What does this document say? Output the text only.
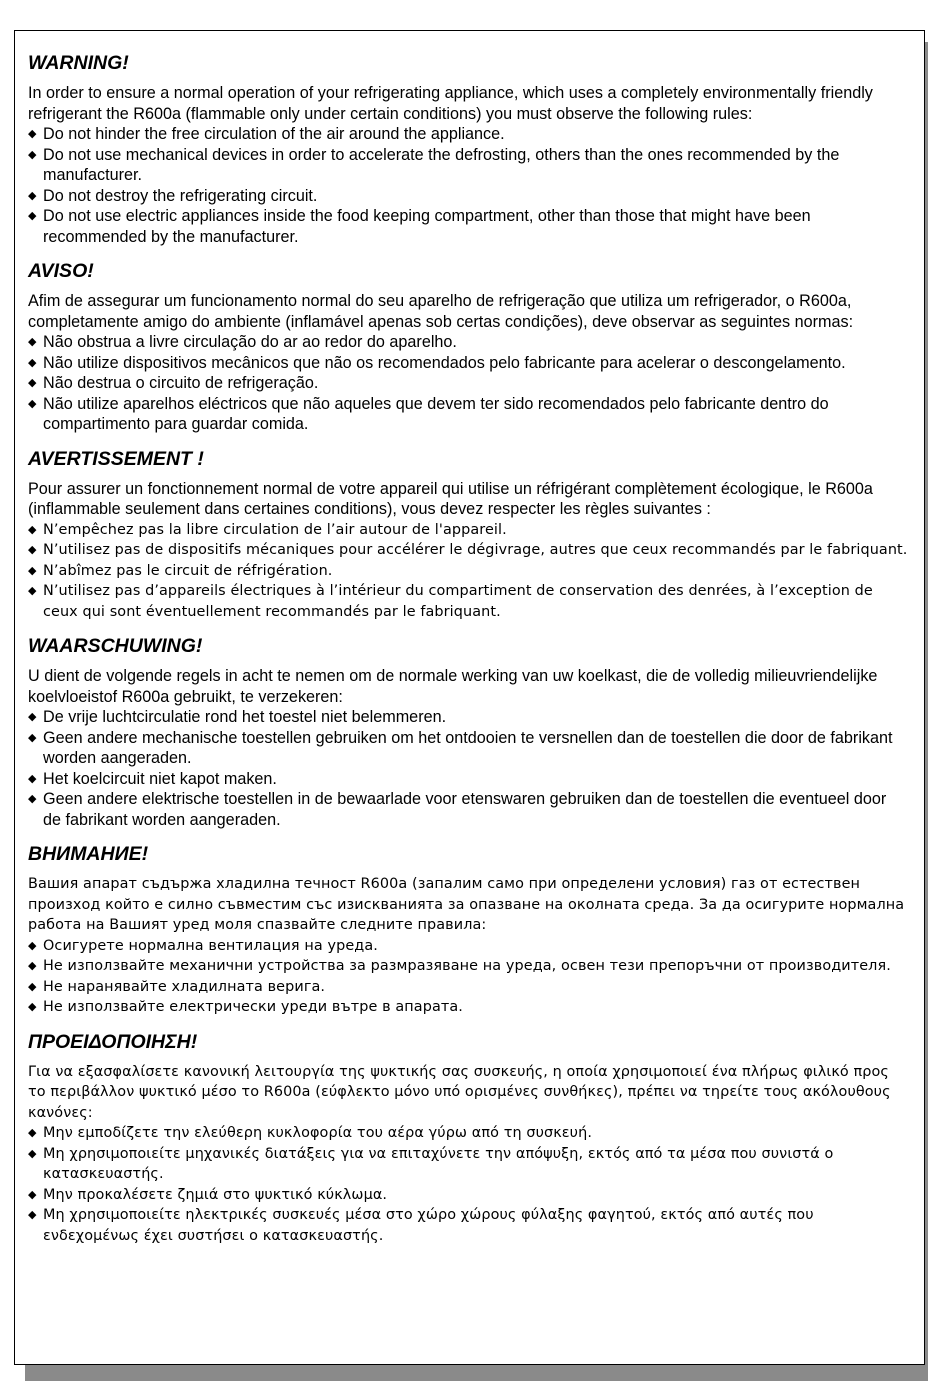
WARNING!

In order to ensure a normal operation of your refrigerating appliance, which uses a completely environmentally friendly refrigerant the R600a (flammable only under certain conditions) you must observe the following rules:

◆ Do not hinder the free circulation of the air around the appliance.
◆ Do not use mechanical devices in order to accelerate the defrosting, others than the ones recommended by the manufacturer.
◆ Do not destroy the refrigerating circuit.
◆ Do not use electric appliances inside the food keeping compartment, other than those that might have been recommended by the manufacturer.
AVISO!

Afim de assegurar um funcionamento normal do seu aparelho de refrigeração que utiliza um refrigerador, o R600a, completamente amigo do ambiente (inflamável apenas sob certas condições), deve observar as seguintes normas:

◆ Não obstrua a livre circulação do ar ao redor do aparelho.
◆ Não utilize dispositivos mecânicos que não os recomendados pelo fabricante para acelerar o descongelamento.
◆ Não destrua o circuito de refrigeração.
◆ Não utilize aparelhos eléctricos que não aqueles que devem ter sido recomendados pelo fabricante dentro do compartimento para guardar comida.
AVERTISSEMENT !

Pour assurer un fonctionnement normal de votre appareil qui utilise un réfrigérant complètement écologique, le R600a (inflammable seulement dans certaines conditions), vous devez respecter les règles suivantes :

◆ N’empêchez pas la libre circulation de l’air autour de l'appareil.
◆ N’utilisez pas de dispositifs mécaniques pour accélérer le dégivrage, autres que ceux recommandés par le fabriquant.
◆ N’abîmez pas le circuit de réfrigération.
◆ N’utilisez pas d’appareils électriques à l’intérieur du compartiment de conservation des denrées, à l’exception de ceux qui sont éventuellement recommandés par le fabriquant.
WAARSCHUWING!

U dient de volgende regels in acht te nemen om de normale werking van uw koelkast, die de volledig milieuvriendelijke koelvloeistof R600a gebruikt, te verzekeren:

◆ De vrije luchtcirculatie rond het toestel niet belemmeren.
◆ Geen andere mechanische toestellen gebruiken om het ontdooien te versnellen dan de toestellen die door de fabrikant worden aangeraden.
◆ Het koelcircuit niet kapot maken.
◆ Geen andere elektrische toestellen in de bewaarlade voor etenswaren gebruiken dan de toestellen die eventueel door de fabrikant worden aangeraden.
ВНИМАНИЕ!

Вашия апарат съдържа хладилна течност R600a (запалим само при определени условия) газ от естествен произход който е силно съвместим със изискванията за опазване на околната среда. За да осигурите нормална работа на Вашият уред моля спазвайте следните правила:

◆ Осигурете нормална вентилация на уреда.
◆ Не използвайте механични устройства за размразяване на уреда, освен тези препоръчни от производителя.
◆ Не наранявайте хладилната верига.
◆ Не използвайте електрически уреди вътре в апарата.
ΠΡΟΕΙΔΟΠΟΙΗΣΗ!

Για να εξασφαλίσετε κανονική λειτουργία της ψυκτικής σας συσκευής, η οποία χρησιμοποιεί ένα πλήρως φιλικό προς το περιβάλλον ψυκτικό μέσο το R600a (εύφλεκτο μόνο υπό ορισμένες συνθήκες), πρέπει να τηρείτε τους ακόλουθους κανόνες:

◆ Μην εμποδίζετε την ελεύθερη κυκλοφορία του αέρα γύρω από τη συσκευή.
◆ Μη χρησιμοποιείτε μηχανικές διατάξεις για να επιταχύνετε την απόψυξη, εκτός από τα μέσα που συνιστά ο κατασκευαστής.
◆ Μην προκαλέσετε ζημιά στο ψυκτικό κύκλωμα.
◆ Μη χρησιμοποιείτε ηλεκτρικές συσκευές μέσα στο χώρο χώρους φύλαξης φαγητού, εκτός από αυτές που ενδεχομένως έχει συστήσει ο κατασκευαστής.
